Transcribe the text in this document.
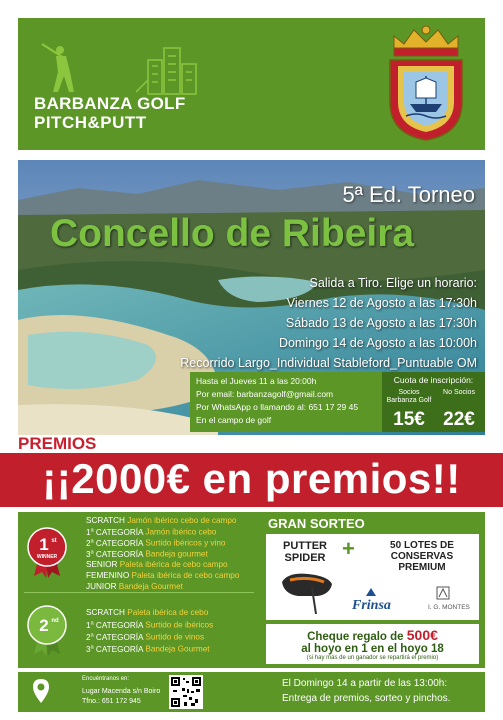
BARBANZA GOLF
PITCH&PUTT
5ª Ed. Torneo
Concello de Ribeira
Salida a Tiro. Elige un horario:
Viernes 12 de Agosto a las 17:30h
Sábado 13 de Agosto a las 17:30h
Domingo 14 de Agosto a las 10:00h
Recorrido Largo_Individual Stableford_Puntuable OM
Hasta el Jueves 11 a las 20:00h
Por email: barbanzagolf@gmail.com
Por WhatsApp o llamando al: 651 17 29 45
En el campo de golf
Cuota de inscripción:
Socios Barbanza Golf
15€
No Socios
22€
PREMIOS
¡¡2000€ en premios!!
1 st
WINNER
SCRATCH Jamón ibérico cebo de campo
1$^a$ CATEGORÍA Jamón ibérico cebo
2$^a$ CATEGORÍA Surtido ibéricos y vino
3$^a$ CATEGORÍA Bandeja gourmet
SENIOR Paleta ibérica de cebo campo
FEMENINO Paleta ibérica de cebo campo
JUNIOR Bandeja Gourmet
2 nd
SCRATCH Paleta ibérica de cebo
1$^a$ CATEGORÍA Surtido de ibéricos
2$^a$ CATEGORÍA Surtido de vinos
3$^a$ CATEGORÍA Bandeja Gourmet
GRAN SORTEO
PUTTER
SPIDER +	50 LOTES DE
CONSERVAS
PREMIUM
Frinsa	I. G. MONTES
Cheque regalo de 500€
al hoyo en 1 en el hoyo 18
(si hay más de un ganador se repartirá el premio)
Encuéntranos en:
Lugar Macenda s/n Boiro
Tfno.: 651 172 945
El Domingo 14 a partir de las 13:00h:
Entrega de premios, sorteo y pinchos.
